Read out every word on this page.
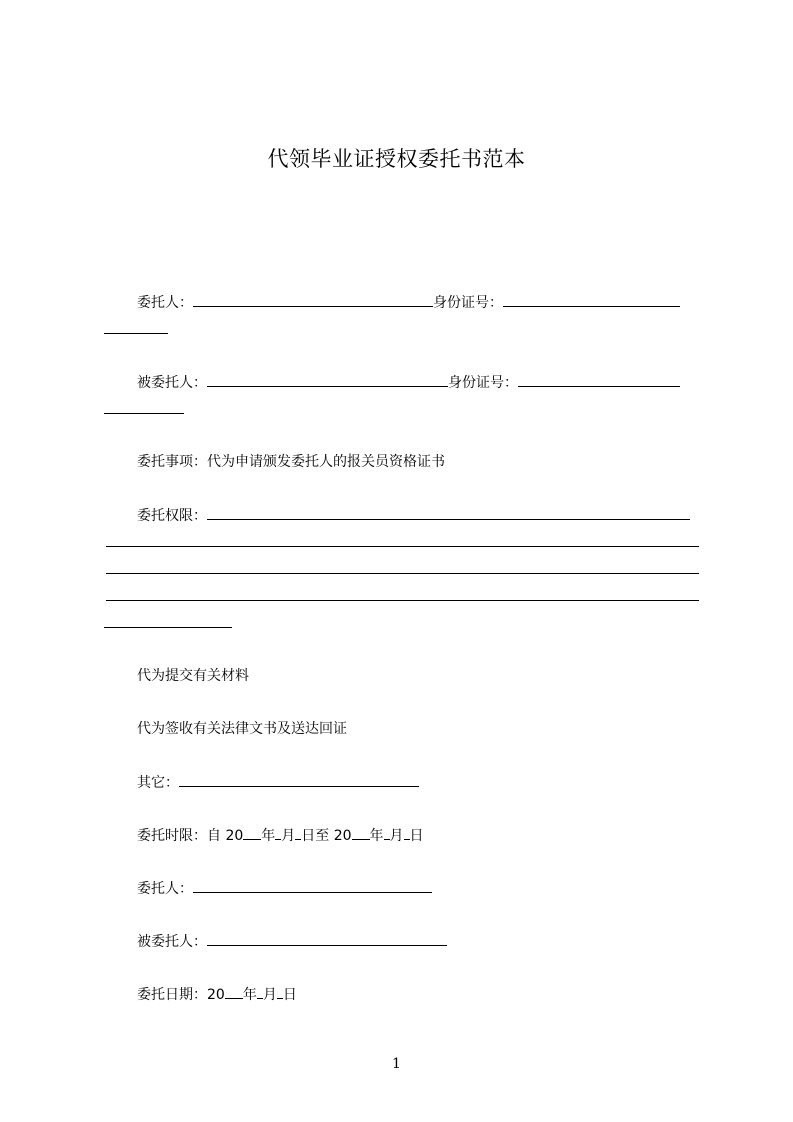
代领毕业证授权委托书范本
委托人：	身份证号：
被委托人：	身份证号：
委托事项：代为申请颁发委托人的报关员资格证书
委托权限：
代为提交有关材料
代为签收有关法律文书及送达回证
其它：
委托时限：自 20 年 月 日至 20 年 月 日
委托人：
被委托人：
委托日期：20 年 月 日
1
